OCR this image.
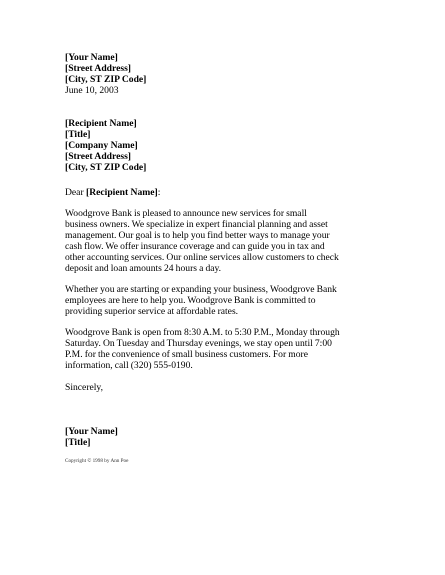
[Your Name]
[Street Address]
[City, ST ZIP Code]
June 10, 2003
[Recipient Name]
[Title]
[Company Name]
[Street Address]
[City, ST ZIP Code]
Dear [Recipient Name]:

Woodgrove Bank is pleased to announce new services for small business owners. We specialize in expert financial planning and asset management. Our goal is to help you find better ways to manage your cash flow. We offer insurance coverage and can guide you in tax and other accounting services. Our online services allow customers to check deposit and loan amounts 24 hours a day.

Whether you are starting or expanding your business, Woodgrove Bank employees are here to help you. Woodgrove Bank is committed to providing superior service at affordable rates.

Woodgrove Bank is open from 8:30 A.M. to 5:30 P.M., Monday through Saturday. On Tuesday and Thursday evenings, we stay open until 7:00 P.M. for the convenience of small business customers. For more information, call (320) 555-0190.

Sincerely,
[Your Name]
[Title]
Copyright © 1998 by Ann Poe
